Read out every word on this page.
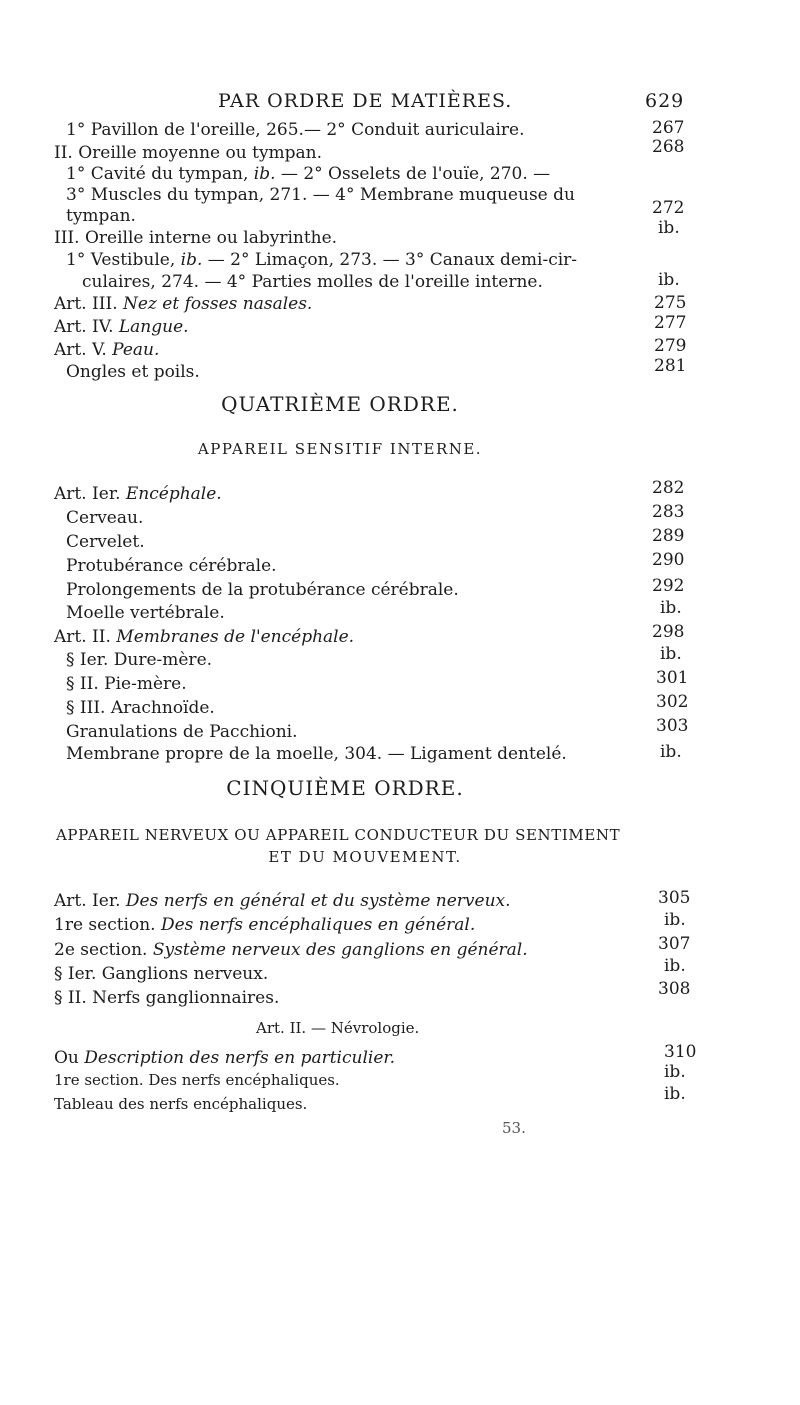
PAR ORDRE DE MATIÈRES.	629
1° Pavillon de l'oreille, 265.— 2° Conduit auriculaire.	267
II. Oreille moyenne ou tympan.	268
1° Cavité du tympan, ib. — 2° Osselets de l'ouïe, 270. —
3° Muscles du tympan, 271. — 4° Membrane muqueuse du
tympan.	272
III. Oreille interne ou labyrinthe.	ib.
1° Vestibule, ib. — 2° Limaçon, 273. — 3° Canaux demi-cir-
culaires, 274. — 4° Parties molles de l'oreille interne.	ib.
Art. III. Nez et fosses nasales.	275
Art. IV. Langue.	277
Art. V. Peau.	279
Ongles et poils.	281
QUATRIÈME ORDRE.
APPAREIL SENSITIF INTERNE.
Art. Ier. Encéphale.	282
Cerveau.	283
Cervelet.	289
Protubérance cérébrale.	290
Prolongements de la protubérance cérébrale.	292
Moelle vertébrale.	ib.
Art. II. Membranes de l'encéphale.	298
§ Ier. Dure-mère.	ib.
§ II. Pie-mère.	301
§ III. Arachnoïde.	302
Granulations de Pacchioni.	303
Membrane propre de la moelle, 304. — Ligament dentelé.	ib.
CINQUIÈME ORDRE.
APPAREIL NERVEUX OU APPAREIL CONDUCTEUR DU SENTIMENT
ET DU MOUVEMENT.
Art. Ier. Des nerfs en général et du système nerveux.	305
1re section. Des nerfs encéphaliques en général.	ib.
2e section. Système nerveux des ganglions en général.	307
§ Ier. Ganglions nerveux.	ib.
§ II. Nerfs ganglionnaires.	308
Art. II. — Névrologie.
Ou Description des nerfs en particulier.	310
1re section. Des nerfs encéphaliques.	ib.
Tableau des nerfs encéphaliques.	ib.
53.
